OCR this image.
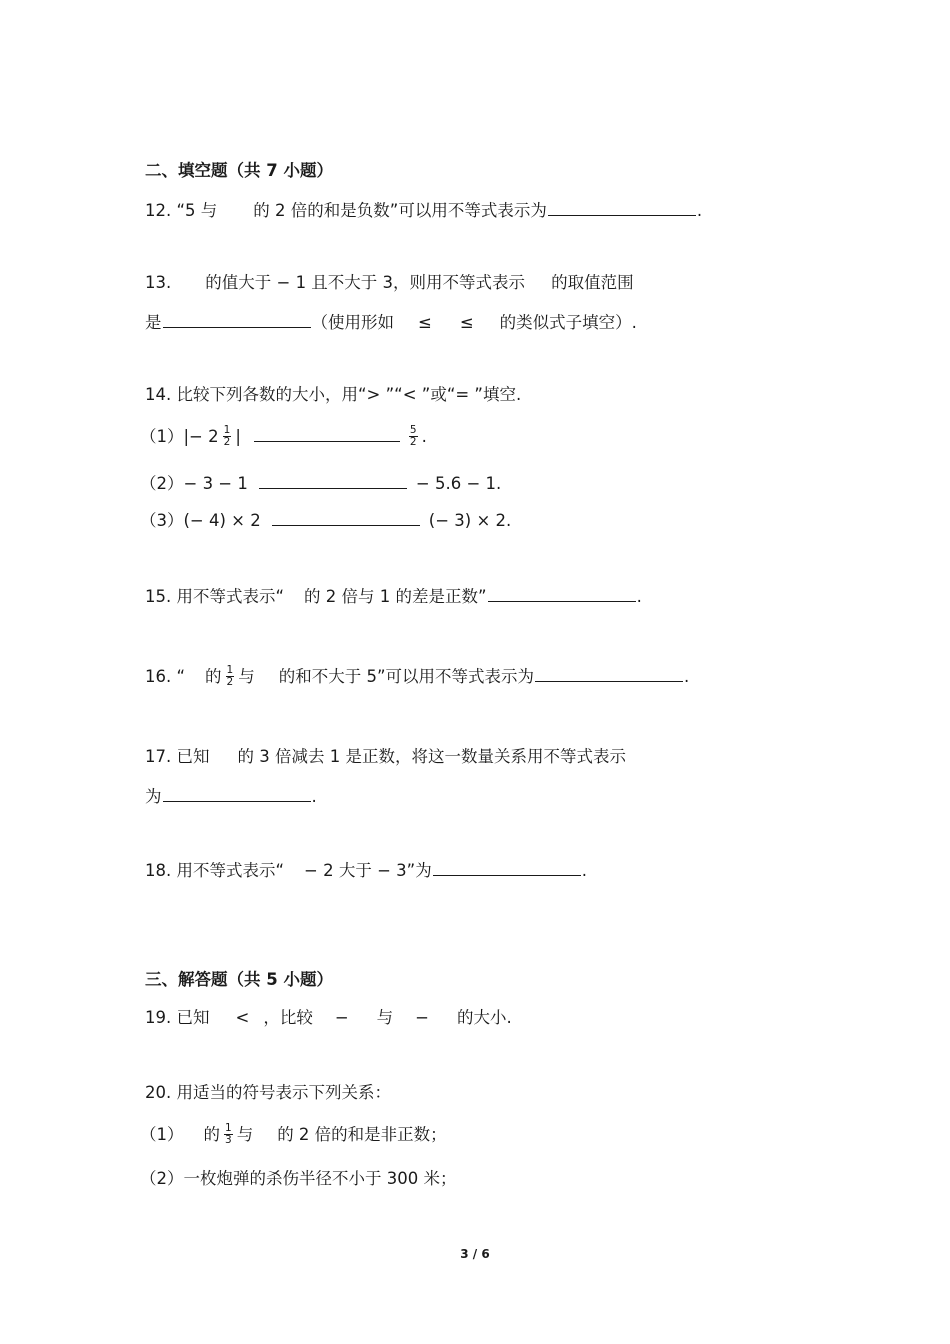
二、填空题（共 7 小题）
12. “5 与 的 2 倍的和是负数”可以用不等式表示为	.
13. 的值大于 − 1 且不大于 3，则用不等式表示 的取值范围
是	（使用形如 ≤ ≤ 的类似式子填空）.
14. 比较下列各数的大小，用“> ”“< ”或“= ”填空.
$(1)|- 2 \frac{1}{2}$ |	$\frac{5}{2}$ .
（2）− 3 − 1	− 5.6 − 1.
（3）(− 4) × 2	(− 3) × 2.
15. 用不等式表示“ 的 2 倍与 1 的差是正数”	.
16. “ 的 $\frac{1}{2}$ 与 的和不大于 5”可以用不等式表示为	.
17. 已知 的 3 倍减去 1 是正数，将这一数量关系用不等式表示
为	.
18. 用不等式表示“ − 2 大于 − 3”为	.
三、解答题（共 5 小题）
19. 已知 < ，比较 − 与 − 的大小.
20. 用适当的符号表示下列关系：
（1） 的 $\frac{1}{3}$ 与 的 2 倍的和是非正数；
（2）一枚炮弹的杀伤半径不小于 300 米；
3 / 6
